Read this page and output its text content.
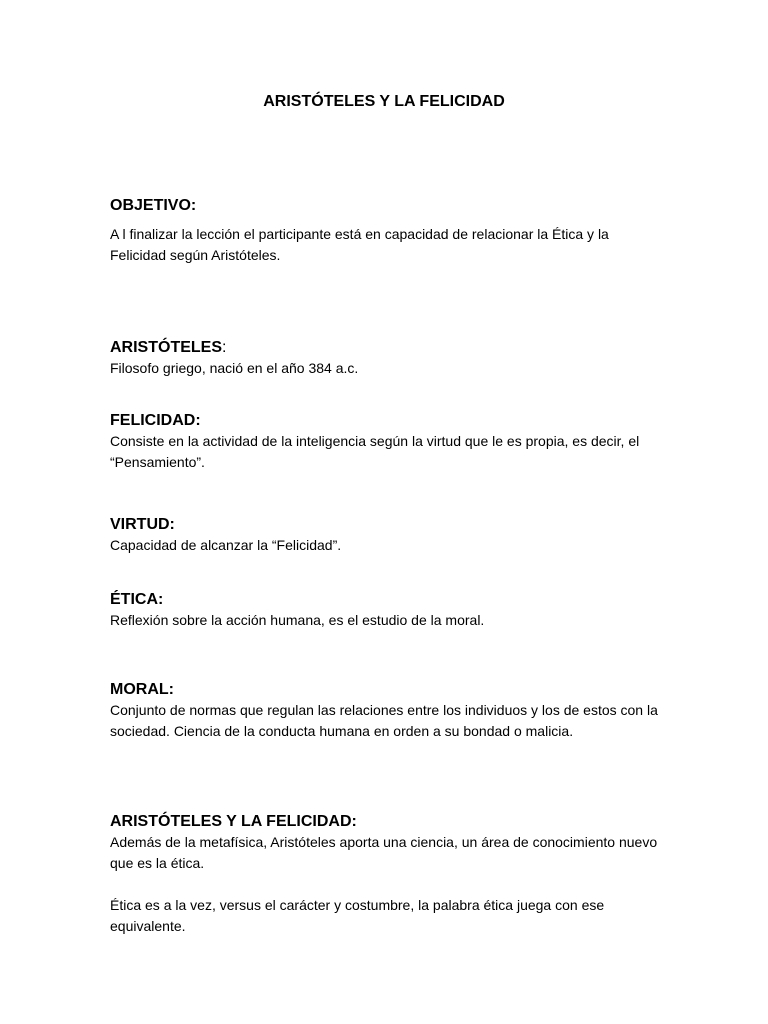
ARISTÓTELES Y LA FELICIDAD

OBJETIVO:

A l finalizar la lección el participante está en capacidad de relacionar la Ética y la Felicidad según Aristóteles.

ARISTÓTELES:

Filosofo griego, nació en el año 384 a.c.

FELICIDAD:

Consiste en la actividad de la inteligencia según la virtud que le es propia, es decir, el “Pensamiento”.

VIRTUD:

Capacidad de alcanzar la “Felicidad”.

ÉTICA:

Reflexión sobre la acción humana, es el estudio de la moral.

MORAL:

Conjunto de normas que regulan las relaciones entre los individuos y los de estos con la sociedad. Ciencia de la conducta humana en orden a su bondad o malicia.

ARISTÓTELES Y LA FELICIDAD:

Además de la metafísica, Aristóteles aporta una ciencia, un área de conocimiento nuevo que es la ética.

Ética es a la vez, versus el carácter y costumbre, la palabra ética juega con ese equivalente.
